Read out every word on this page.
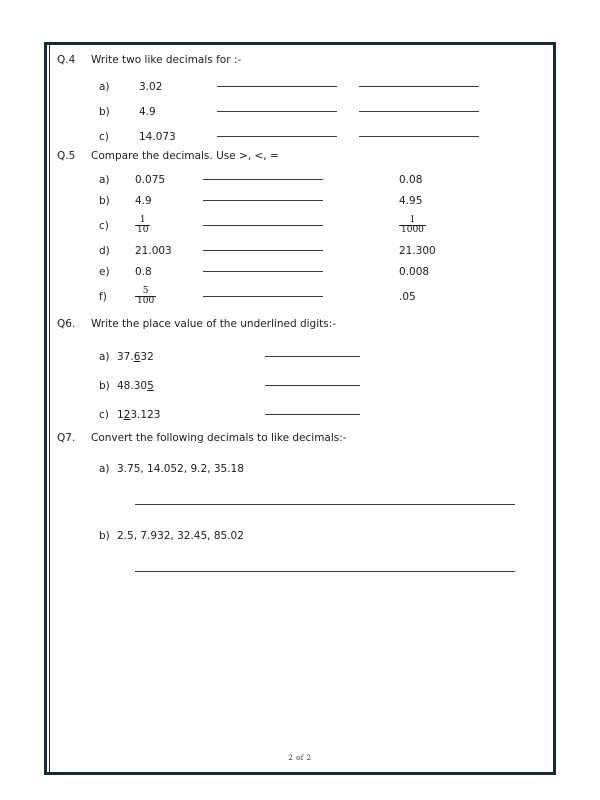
Q.4	Write two like decimals for :-
a)	3.02
b)	4.9
c)	14.073
Q.5	Compare the decimals. Use >, <, =
a)	0.075	0.08
b)	4.9	4.95
c)	$\frac{1}{10}$	$\frac{1}{1000}$
d)	21.003	21.300
e)	0.8	0.008
f)	$\frac{5}{100}$	.05
Q6.	Write the place value of the underlined digits:-
a) 37.632
b) 48.305
c) 123.123
Q7.	Convert the following decimals to like decimals:-
a) 3.75, 14.052, 9.2, 35.18
b) 2.5, 7.932, 32.45, 85.02
2 of 2
